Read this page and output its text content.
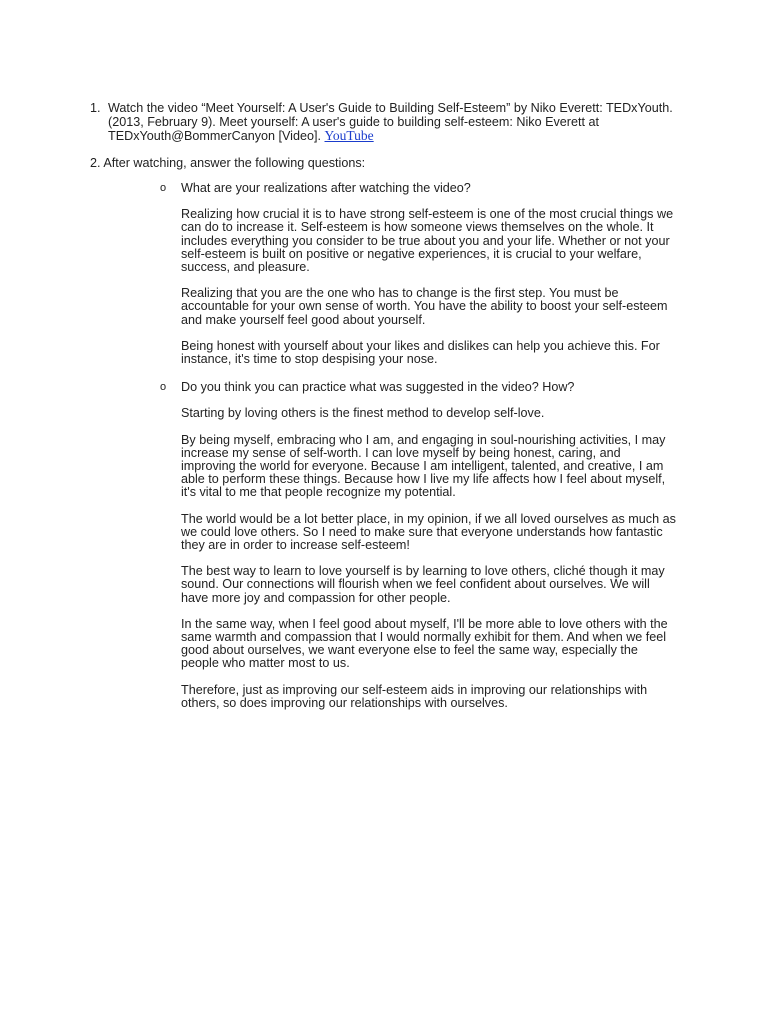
1. Watch the video “Meet Yourself: A User's Guide to Building Self-Esteem” by Niko Everett: TEDxYouth. (2013, February 9). Meet yourself: A user's guide to building self-esteem: Niko Everett at TEDxYouth@BommerCanyon [Video]. YouTube
2. After watching, answer the following questions:
o What are your realizations after watching the video?

Realizing how crucial it is to have strong self-esteem is one of the most crucial things we can do to increase it. Self-esteem is how someone views themselves on the whole. It includes everything you consider to be true about you and your life. Whether or not your self-esteem is built on positive or negative experiences, it is crucial to your welfare, success, and pleasure.

Realizing that you are the one who has to change is the first step. You must be accountable for your own sense of worth. You have the ability to boost your self-esteem and make yourself feel good about yourself.

Being honest with yourself about your likes and dislikes can help you achieve this. For instance, it's time to stop despising your nose.

o Do you think you can practice what was suggested in the video? How?

Starting by loving others is the finest method to develop self-love.

By being myself, embracing who I am, and engaging in soul-nourishing activities, I may increase my sense of self-worth. I can love myself by being honest, caring, and improving the world for everyone. Because I am intelligent, talented, and creative, I am able to perform these things. Because how I live my life affects how I feel about myself, it's vital to me that people recognize my potential.

The world would be a lot better place, in my opinion, if we all loved ourselves as much as we could love others. So I need to make sure that everyone understands how fantastic they are in order to increase self-esteem!

The best way to learn to love yourself is by learning to love others, cliché though it may sound. Our connections will flourish when we feel confident about ourselves. We will have more joy and compassion for other people.

In the same way, when I feel good about myself, I'll be more able to love others with the same warmth and compassion that I would normally exhibit for them. And when we feel good about ourselves, we want everyone else to feel the same way, especially the people who matter most to us.

Therefore, just as improving our self-esteem aids in improving our relationships with others, so does improving our relationships with ourselves.
